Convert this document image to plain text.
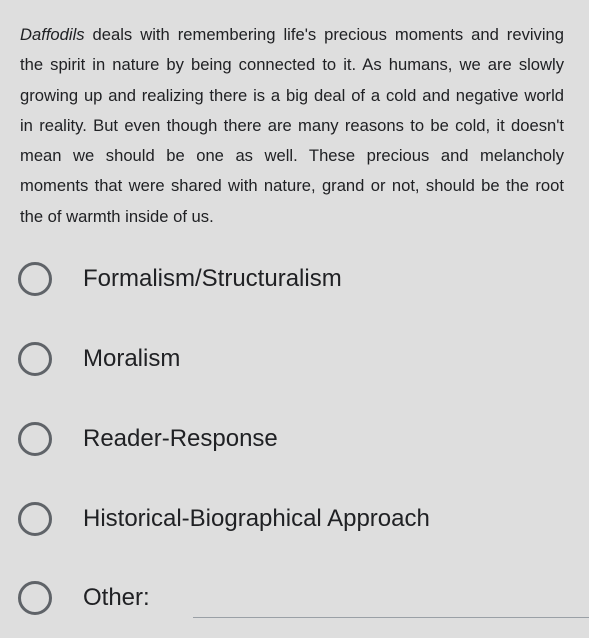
Daffodils deals with remembering life's precious moments and reviving the spirit in nature by being connected to it. As humans, we are slowly growing up and realizing there is a big deal of a cold and negative world in reality. But even though there are many reasons to be cold, it doesn't mean we should be one as well. These precious and melancholy moments that were shared with nature, grand or not, should be the root the of warmth inside of us.

Formalism/Structuralism
Moralism
Reader-Response
Historical-Biographical Approach
Other:
